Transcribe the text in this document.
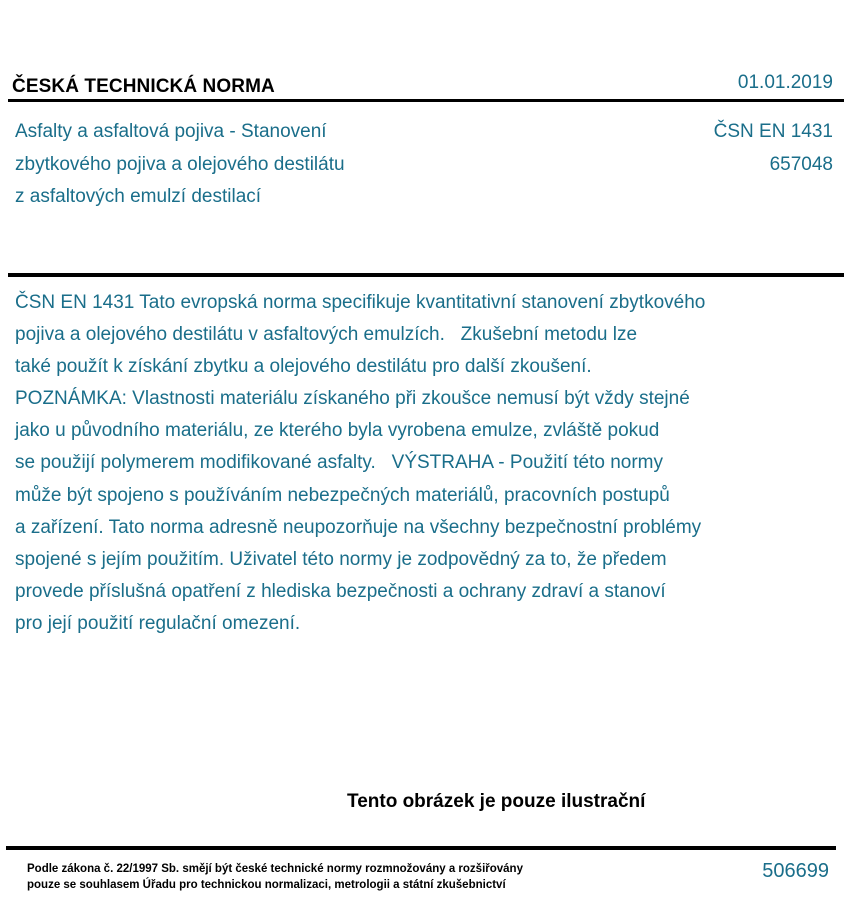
ČESKÁ TECHNICKÁ NORMA	01.01.2019
Asfalty a asfaltová pojiva - Stanovení
zbytkového pojiva a olejového destilátu
z asfaltových emulzí destilací
ČSN EN 1431
657048
ČSN EN 1431 Tato evropská norma specifikuje kvantitativní stanovení zbytkového
pojiva a olejového destilátu v asfaltových emulzích.   Zkušební metodu lze
také použít k získání zbytku a olejového destilátu pro další zkoušení.
POZNÁMKA: Vlastnosti materiálu získaného při zkoušce nemusí být vždy stejné
jako u původního materiálu, ze kterého byla vyrobena emulze, zvláště pokud
se použijí polymerem modifikované asfalty.   VÝSTRAHA - Použití této normy
může být spojeno s používáním nebezpečných materiálů, pracovních postupů
a zařízení. Tato norma adresně neupozorňuje na všechny bezpečnostní problémy
spojené s jejím použitím. Uživatel této normy je zodpovědný za to, že předem
provede příslušná opatření z hlediska bezpečnosti a ochrany zdraví a stanoví
pro její použití regulační omezení.
Tento obrázek je pouze ilustrační
Podle zákona č. 22/1997 Sb. smějí být české technické normy rozmnožovány a rozšiřovány
pouze se souhlasem Úřadu pro technickou normalizaci, metrologii a státní zkušebnictví
506699
